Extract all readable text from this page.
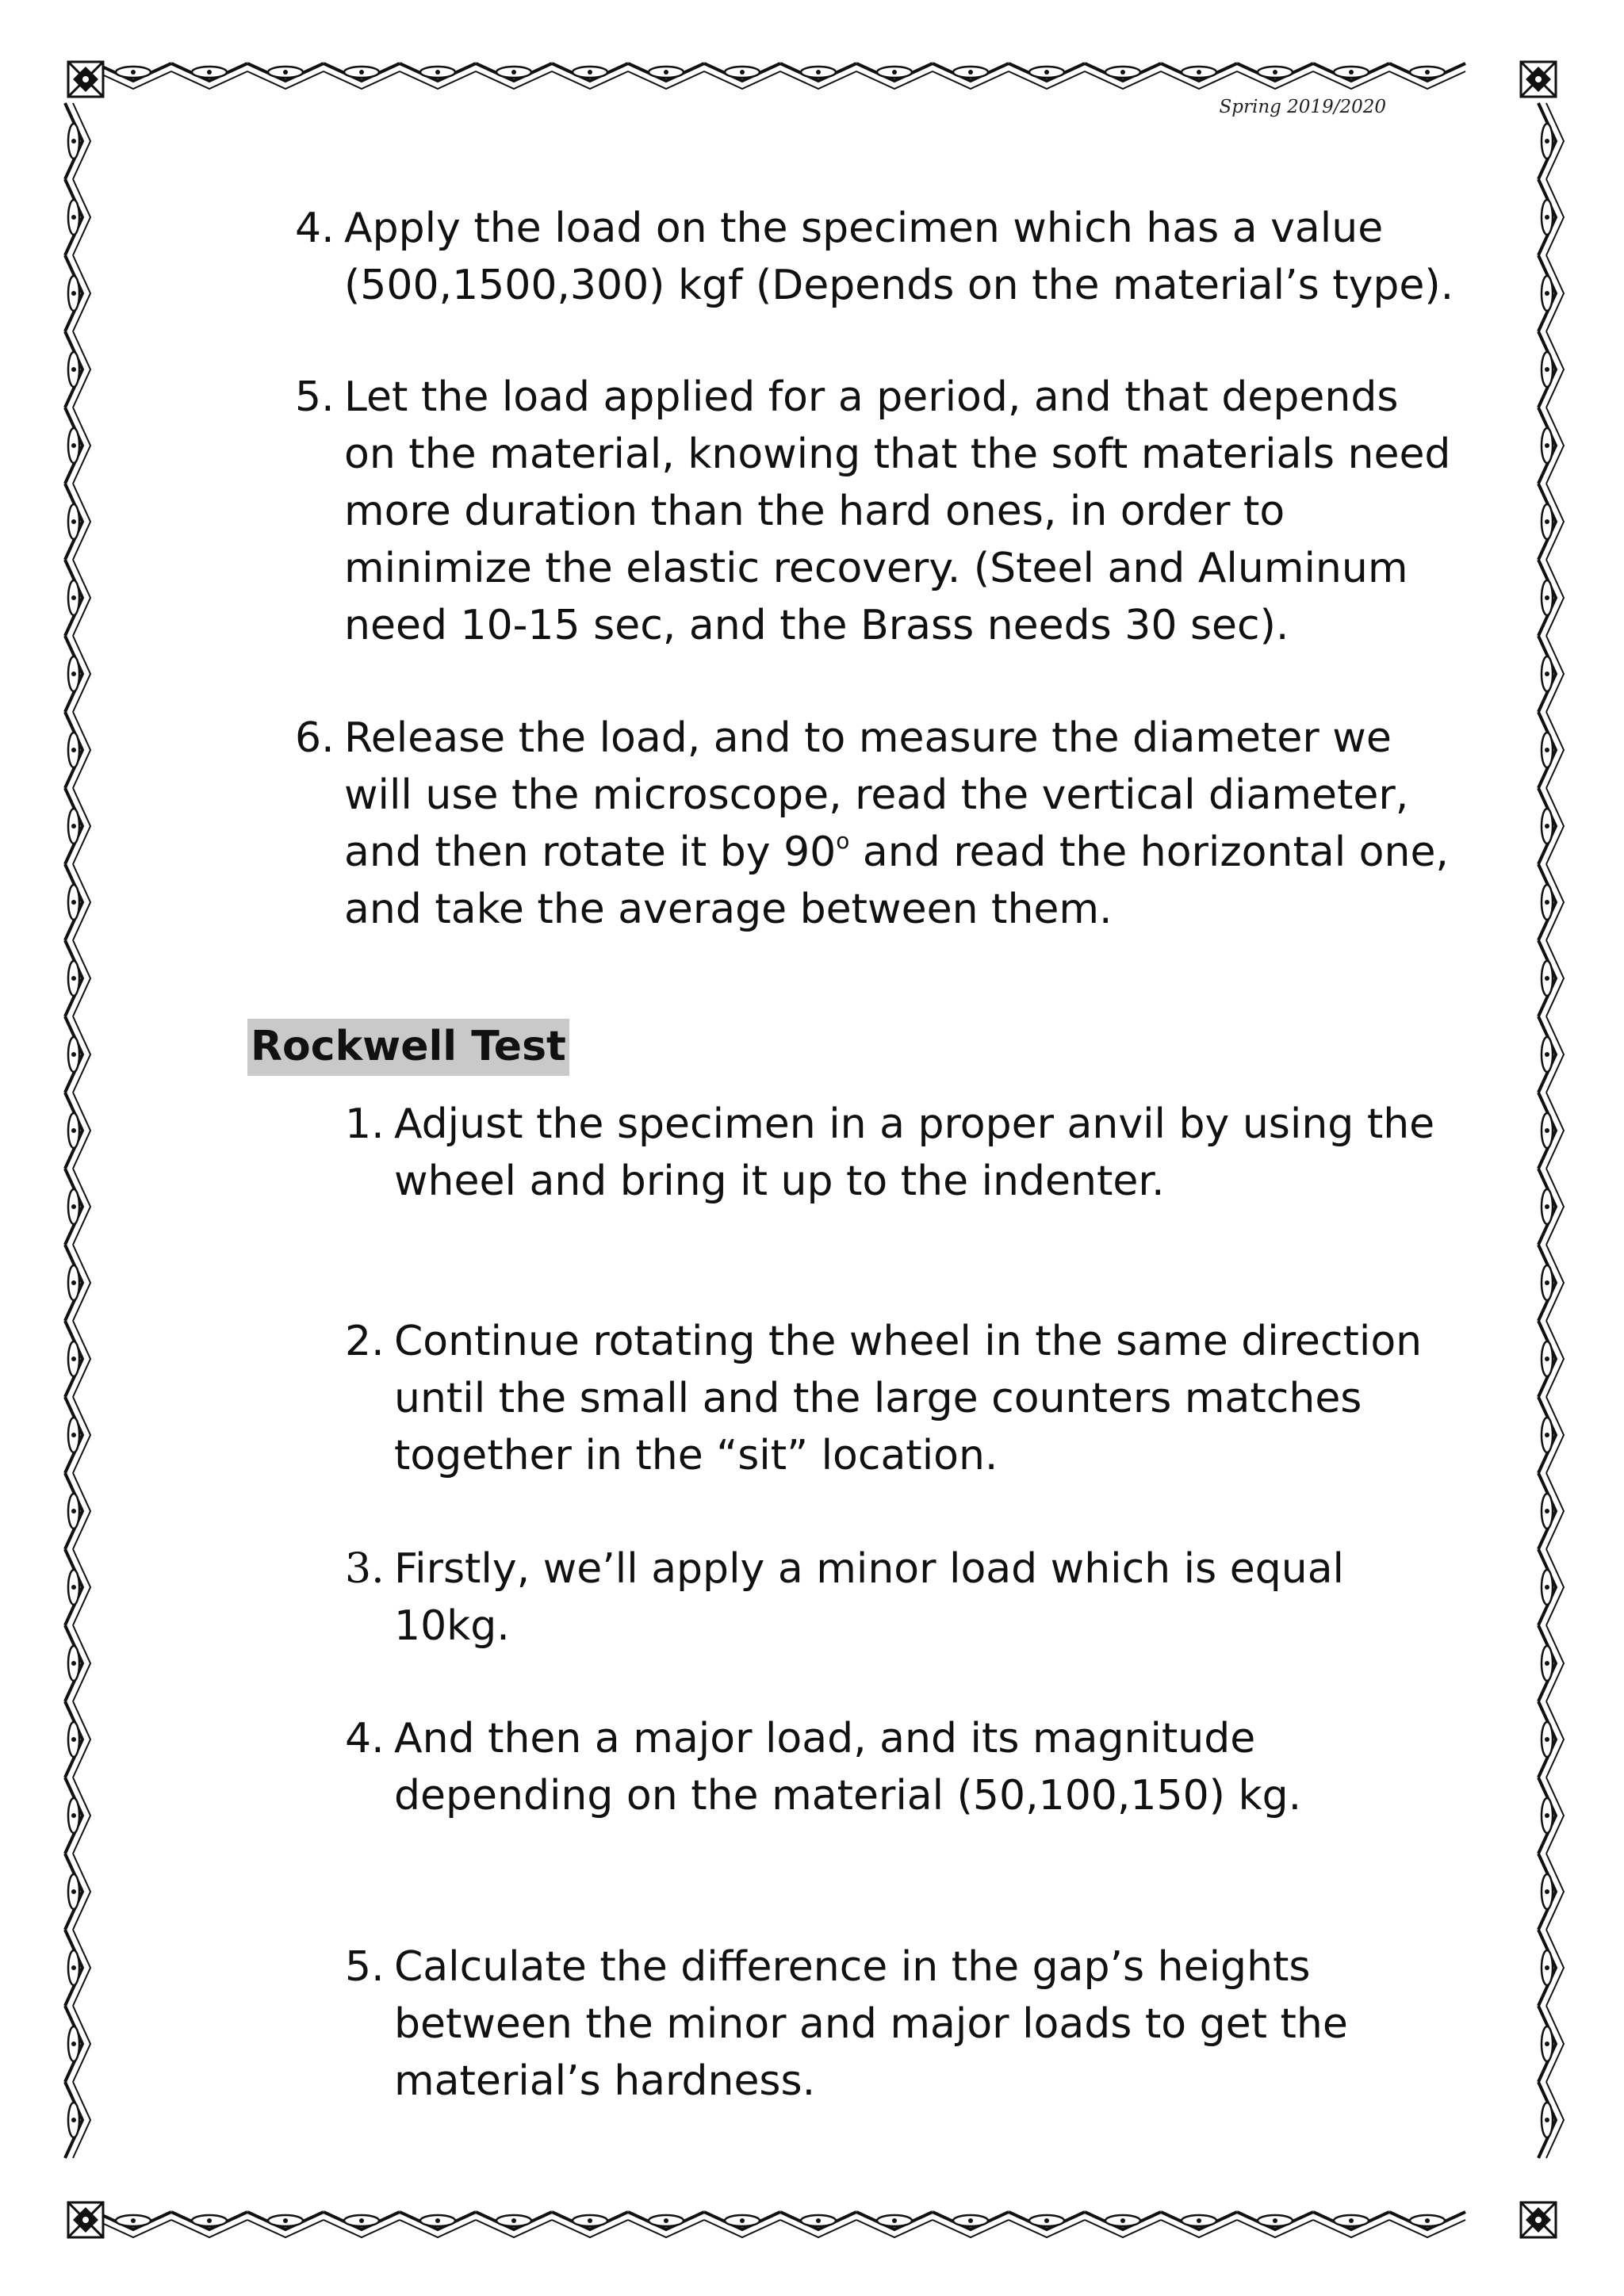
Spring 2019/2020
4. Apply the load on the specimen which has a value
(500,1500,300) kgf (Depends on the material’s type).
5. Let the load applied for a period, and that depends
on the material, knowing that the soft materials need
more duration than the hard ones, in order to
minimize the elastic recovery. (Steel and Aluminum
need 10-15 sec, and the Brass needs 30 sec).
6. Release the load, and to measure the diameter we
will use the microscope, read the vertical diameter,
and then rotate it by 90$^o$ and read the horizontal one,
and take the average between them.
Rockwell Test
1. Adjust the specimen in a proper anvil by using the
wheel and bring it up to the indenter.
2. Continue rotating the wheel in the same direction
until the small and the large counters matches
together in the “sit” location.
3. Firstly, we’ll apply a minor load which is equal
10kg.
4. And then a major load, and its magnitude
depending on the material (50,100,150) kg.
5. Calculate the difference in the gap’s heights
between the minor and major loads to get the
material’s hardness.
